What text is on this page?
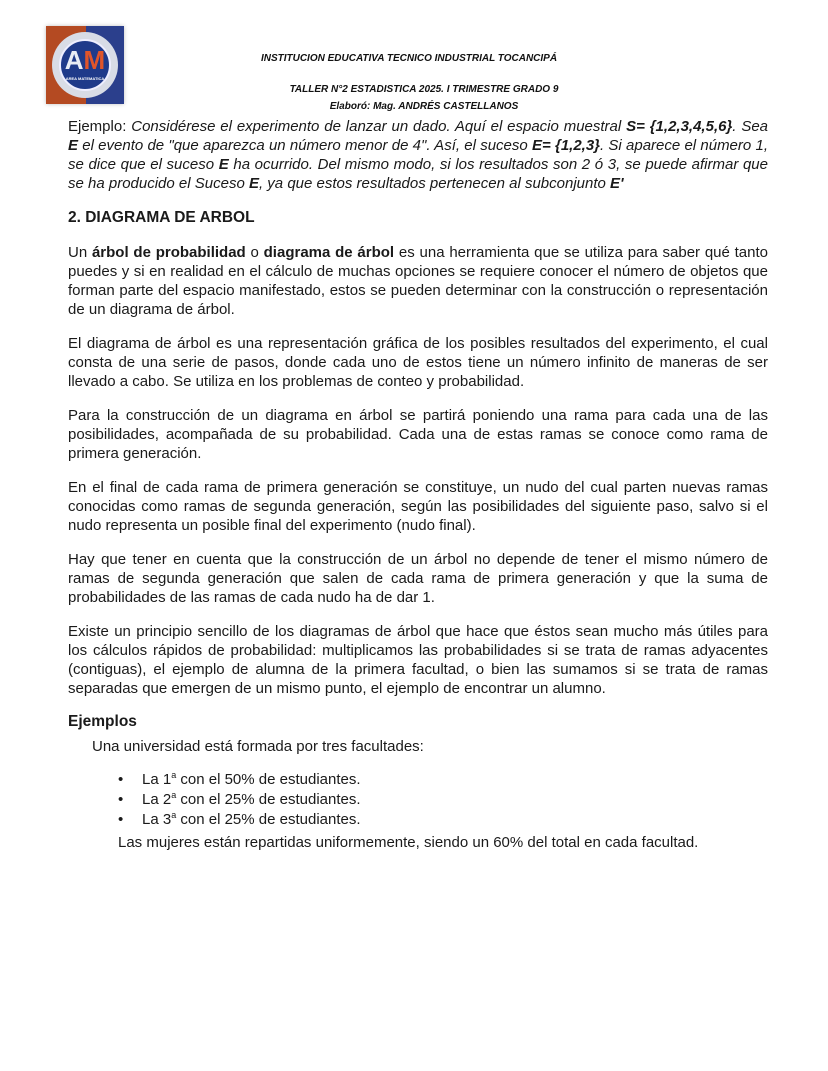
AM
AREA MATEMATICA
INSTITUCION EDUCATIVA TECNICO INDUSTRIAL TOCANCIPÁ
TALLER N°2 ESTADISTICA 2025. I TRIMESTRE GRADO 9
Elaboró: Mag. ANDRÉS CASTELLANOS

Ejemplo: Considérese el experimento de lanzar un dado. Aquí el espacio muestral S= {1,2,3,4,5,6}. Sea E el evento de "que aparezca un número menor de 4". Así, el suceso E= {1,2,3}. Si aparece el número 1, se dice que el suceso E ha ocurrido. Del mismo modo, si los resultados son 2 ó 3, se puede afirmar que se ha producido el Suceso E, ya que estos resultados pertenecen al subconjunto E'

2. DIAGRAMA DE ARBOL

Un árbol de probabilidad o diagrama de árbol es una herramienta que se utiliza para saber qué tanto puedes y si en realidad en el cálculo de muchas opciones se requiere conocer el número de objetos que forman parte del espacio manifestado, estos se pueden determinar con la construcción o representación de un diagrama de árbol.

El diagrama de árbol es una representación gráfica de los posibles resultados del experimento, el cual consta de una serie de pasos, donde cada uno de estos tiene un número infinito de maneras de ser llevado a cabo. Se utiliza en los problemas de conteo y probabilidad.

Para la construcción de un diagrama en árbol se partirá poniendo una rama para cada una de las posibilidades, acompañada de su probabilidad. Cada una de estas ramas se conoce como rama de primera generación.

En el final de cada rama de primera generación se constituye, un nudo del cual parten nuevas ramas conocidas como ramas de segunda generación, según las posibilidades del siguiente paso, salvo si el nudo representa un posible final del experimento (nudo final).

Hay que tener en cuenta que la construcción de un árbol no depende de tener el mismo número de ramas de segunda generación que salen de cada rama de primera generación y que la suma de probabilidades de las ramas de cada nudo ha de dar 1.

Existe un principio sencillo de los diagramas de árbol que hace que éstos sean mucho más útiles para los cálculos rápidos de probabilidad: multiplicamos las probabilidades si se trata de ramas adyacentes (contiguas), el ejemplo de alumna de la primera facultad, o bien las sumamos si se trata de ramas separadas que emergen de un mismo punto, el ejemplo de encontrar un alumno.

Ejemplos

Una universidad está formada por tres facultades:

• La 1$^a$ con el 50% de estudiantes.
• La 2$^a$ con el 25% de estudiantes.
• La 3$^a$ con el 25% de estudiantes.

Las mujeres están repartidas uniformemente, siendo un 60% del total en cada facultad.
